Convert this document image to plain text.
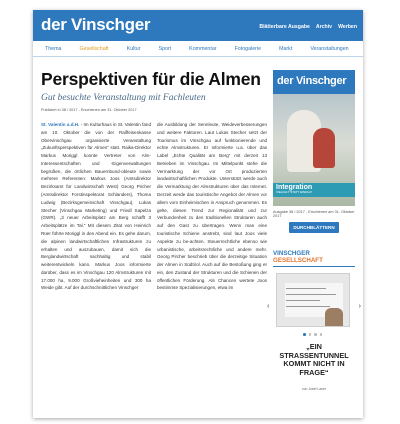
der Vinschger	Blätterbare Ausgabe Archiv Werben
Thema	Gesellschaft	Kultur	Sport	Kommentar	Fotogalerie	Markt	Veranstaltungen
Perspektiven für die Almen
Gut besuchte Veranstaltung mit Fachleuten
Publiziert in 38 / 2017 - Erschienen am 31. Oktober 2017
St. Valentin a.d.H. - Im Kulturhaus in St. Valentin fand am 10. Oktober die von der Raiffeisenkasse Obervinschgau organisierte Veranstaltung „Zukunftsperspektiven für Almen“ statt. Raika-Direktor Markus Moriggl konnte Vertreter von Alm-Interessentschaften und -Eigenverwaltungen begrüßen, die örtlichen Bauernbund-obleute sowie mehrere Referenten: Markus Joos (Amtsdirektor Bezirksamt für Landwirtschaft West) Georg Pircher (Amtsdirektor Forstinspektorat Schlanders), Thoma Ludwig (Bezirksgemeinschaft Vinschgau), Lukas Stecher (Vinschgau Marketing) und Friedl Sapelza (GWR). „3 neuer Arbeitsplatz am Berg schafft 3 Arbeitsplätze im Tal.“ Mit diesem Zitat von Heinrich Rüer führte Moriggl in den Abend ein. Es gehe darum, die alpinen landwirtschaftlichen Infrastrukturen zu erhalten und auszubauen, damit sich die Berglandwirtschaft nachhaltig und stabil weiterentwickeln kann. Markus Joos informierte darüber, dass es im Vinschgau 120 Almstrukturen mit 17.000 ha, 9.000 Großvieheinheiten und 300 ha Weide gibt. Auf der durchschnittlichen Vinschger
die Ausbildung der Sennleute, Weideverbesserungen und weitere Faktoren. Laut Lukas Stecher setzt der Tourismus im Vinschgau auf funktionierende und echte Almstrukturen. Er informierte u.a. über das Label „Echte Qualität am Berg“ mit derzeit 13 Betrieben im Vinschgau. Im Mittelpunkt stehe die Vermarktung der vor Ort produzierten landwirtschaftlichen Produkte. Unterstützt werde auch die Vermarktung der Almstrukturen über das Internet. Derzeit werde das touristische Angebot der Almen vor allem vom Einheimischen in Anspruch genommen. Es gelte, diesen Trend zur Regionalität und zur Verbundenheit zu den traditionellen Strukturen auch auf den Gast zu übertragen. Wenn man eine touristische Schiene anstrebt, sind laut Joos viele Aspekte zu be-achten. Steuerrechtliche ebenso wie urbanistische, arbeitsrechtliche und andere mehr. Georg Pircher beschrieb über die derzeitige Situation der Almen in Südtirol. Auch auf die Bestoßung ging er ein, den Zustand der Strukturen und die Schienen der öffentlichen Förderung. Als Chancen wertete Joos bestimmte Spezialisierungen, etwa im
der Vinschger
Integration
VIELFALT STATT EINFALT
Ausgabe 38 / 2017 - Erschienen am 31. Oktober 2017
DURCHBLÄTTERN
VINSCHGER GESELLSCHAFT
‹	›
„EIN STRASSENTUNNEL KOMMT NICHT IN FRAGE“
von Josef Laner
